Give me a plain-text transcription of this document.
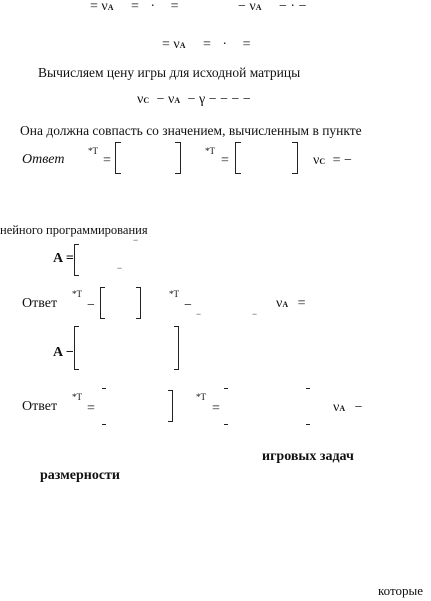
= νA = · =	− νA − · −
= νA = · =
Вычисляем цену игры для исходной матрицы
νC − νA − γ − − − −
Она должна совпасть со значением, вычисленным в пункте
Ответ
*T
=
*T
=	νC = −
нейного программирования
A =
−
−
Ответ
*T
−
*T
−
−	−
νA =
A −
Ответ
*T
=
*T
=	νA −
игровых задач
размерности
которые
